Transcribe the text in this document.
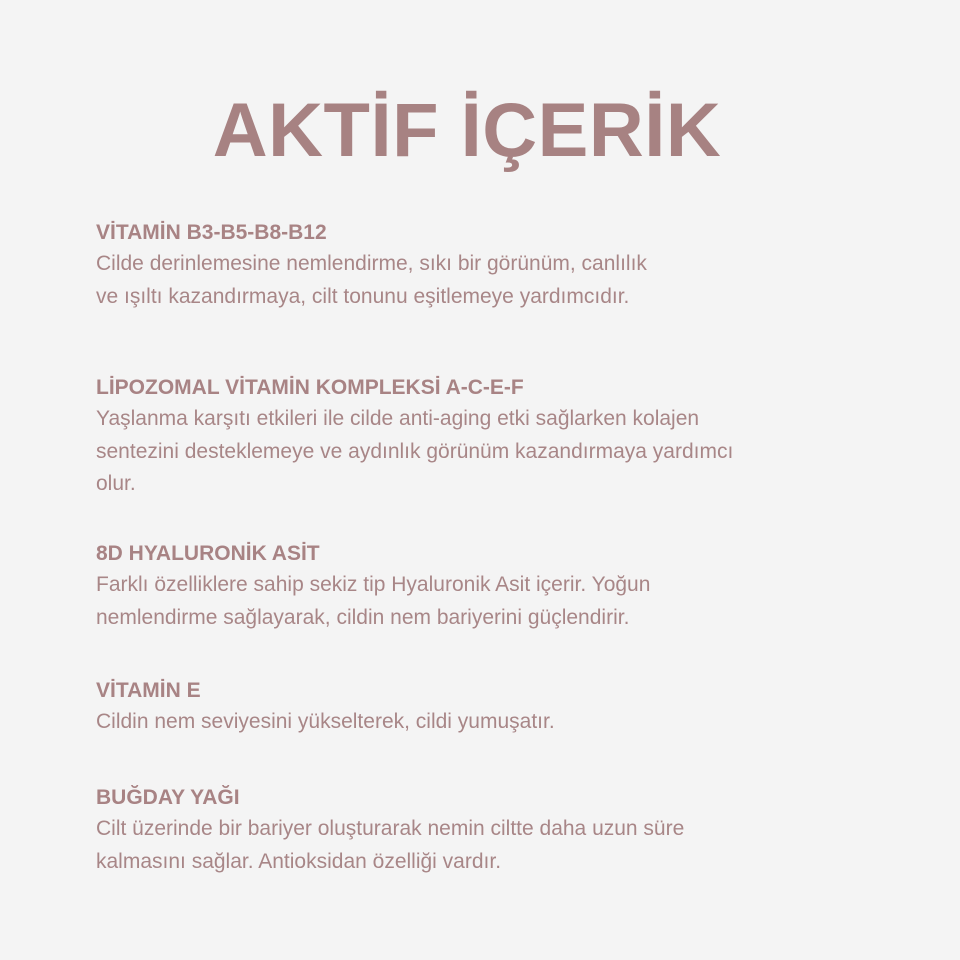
AKTİF İÇERİK
VİTAMİN B3-B5-B8-B12

Cilde derinlemesine nemlendirme, sıkı bir görünüm, canlılık
ve ışıltı kazandırmaya, cilt tonunu eşitlemeye yardımcıdır.

LİPOZOMAL VİTAMİN KOMPLEKSİ A-C-E-F

Yaşlanma karşıtı etkileri ile cilde anti-aging etki sağlarken kolajen
sentezini desteklemeye ve aydınlık görünüm kazandırmaya yardımcı
olur.

8D HYALURONİK ASİT

Farklı özelliklere sahip sekiz tip Hyaluronik Asit içerir. Yoğun
nemlendirme sağlayarak, cildin nem bariyerini güçlendirir.

VİTAMİN E

Cildin nem seviyesini yükselterek, cildi yumuşatır.

BUĞDAY YAĞI

Cilt üzerinde bir bariyer oluşturarak nemin ciltte daha uzun süre
kalmasını sağlar. Antioksidan özelliği vardır.
